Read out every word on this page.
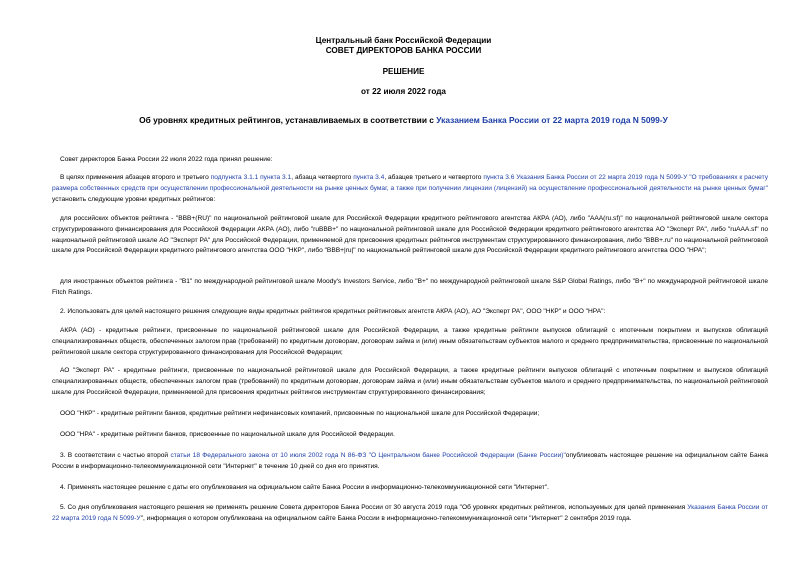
Центральный банк Российской Федерации
СОВЕТ ДИРЕКТОРОВ БАНКА РОССИИ
РЕШЕНИЕ
от 22 июля 2022 года
Об уровнях кредитных рейтингов, устанавливаемых в соответствии с Указанием Банка России от 22 марта 2019 года N 5099-У
Совет директоров Банка России 22 июля 2022 года принял решение:
В целях применения абзацев второго и третьего подпункта 3.1.1 пункта 3.1, абзаца четвертого пункта 3.4, абзацев третьего и четвертого пункта 3.6 Указания Банка России от 22 марта 2019 года N 5099-У "О требованиях к расчету размера собственных средств при осуществлении профессиональной деятельности на рынке ценных бумаг, а также при получении лицензии (лицензий) на осуществление профессиональной деятельности на рынке ценных бумаг" установить следующие уровни кредитных рейтингов:
для российских объектов рейтинга - "BBB+(RU)" по национальной рейтинговой шкале для Российской Федерации кредитного рейтингового агентства АКРА (АО), либо "AAA(ru.sf)" по национальной рейтинговой шкале сектора структурированного финансирования для Российской Федерации АКРА (АО), либо "ruBBB+" по национальной рейтинговой шкале для Российской Федерации кредитного рейтингового агентства АО "Эксперт РА", либо "ruAAA.sf" по национальной рейтинговой шкале АО "Эксперт РА" для Российской Федерации, применяемой для присвоения кредитных рейтингов инструментам структурированного финансирования, либо "BBB+.ru" по национальной рейтинговой шкале для Российской Федерации кредитного рейтингового агентства ООО "НКР", либо "BBB+|ru|" по национальной рейтинговой шкале для Российской Федерации кредитного рейтингового агентства ООО "НРА";
для иностранных объектов рейтинга - "B1" по международной рейтинговой шкале Moody's Investors Service, либо "B+" по международной рейтинговой шкале S&P Global Ratings, либо "B+" по международной рейтинговой шкале Fitch Ratings.
2. Использовать для целей настоящего решения следующие виды кредитных рейтингов кредитных рейтинговых агентств АКРА (АО), АО "Эксперт РА", ООО "НКР" и ООО "НРА":
АКРА (АО) - кредитные рейтинги, присвоенные по национальной рейтинговой шкале для Российской Федерации, а также кредитные рейтинги выпусков облигаций с ипотечным покрытием и выпусков облигаций специализированных обществ, обеспеченных залогом прав (требований) по кредитным договорам, договорам займа и (или) иным обязательствам субъектов малого и среднего предпринимательства, присвоенные по национальной рейтинговой шкале сектора структурированного финансирования для Российской Федерации;
АО "Эксперт РА" - кредитные рейтинги, присвоенные по национальной рейтинговой шкале для Российской Федерации, а также кредитные рейтинги выпусков облигаций с ипотечным покрытием и выпусков облигаций специализированных обществ, обеспеченных залогом прав (требований) по кредитным договорам, договорам займа и (или) иным обязательствам субъектов малого и среднего предпринимательства, по национальной рейтинговой шкале для Российской Федерации, применяемой для присвоения кредитных рейтингов инструментам структурированного финансирования;
ООО "НКР" - кредитные рейтинги банков, кредитные рейтинги нефинансовых компаний, присвоенные по национальной шкале для Российской Федерации;
ООО "НРА" - кредитные рейтинги банков, присвоенные по национальной шкале для Российской Федерации.
3. В соответствии с частью второй статьи 18 Федерального закона от 10 июля 2002 года N 86-ФЗ "О Центральном банке Российской Федерации (Банке России)"опубликовать настоящее решение на официальном сайте Банка России в информационно-телекоммуникационной сети "Интернет" в течение 10 дней со дня его принятия.
4. Применять настоящее решение с даты его опубликования на официальном сайте Банка России в информационно-телекоммуникационной сети "Интернет".
5. Со дня опубликования настоящего решения не применять решение Совета директоров Банка России от 30 августа 2019 года "Об уровнях кредитных рейтингов, используемых для целей применения Указания Банка России от 22 марта 2019 года N 5099-У", информация о котором опубликована на официальном сайте Банка России в информационно-телекоммуникационной сети "Интернет" 2 сентября 2019 года.
